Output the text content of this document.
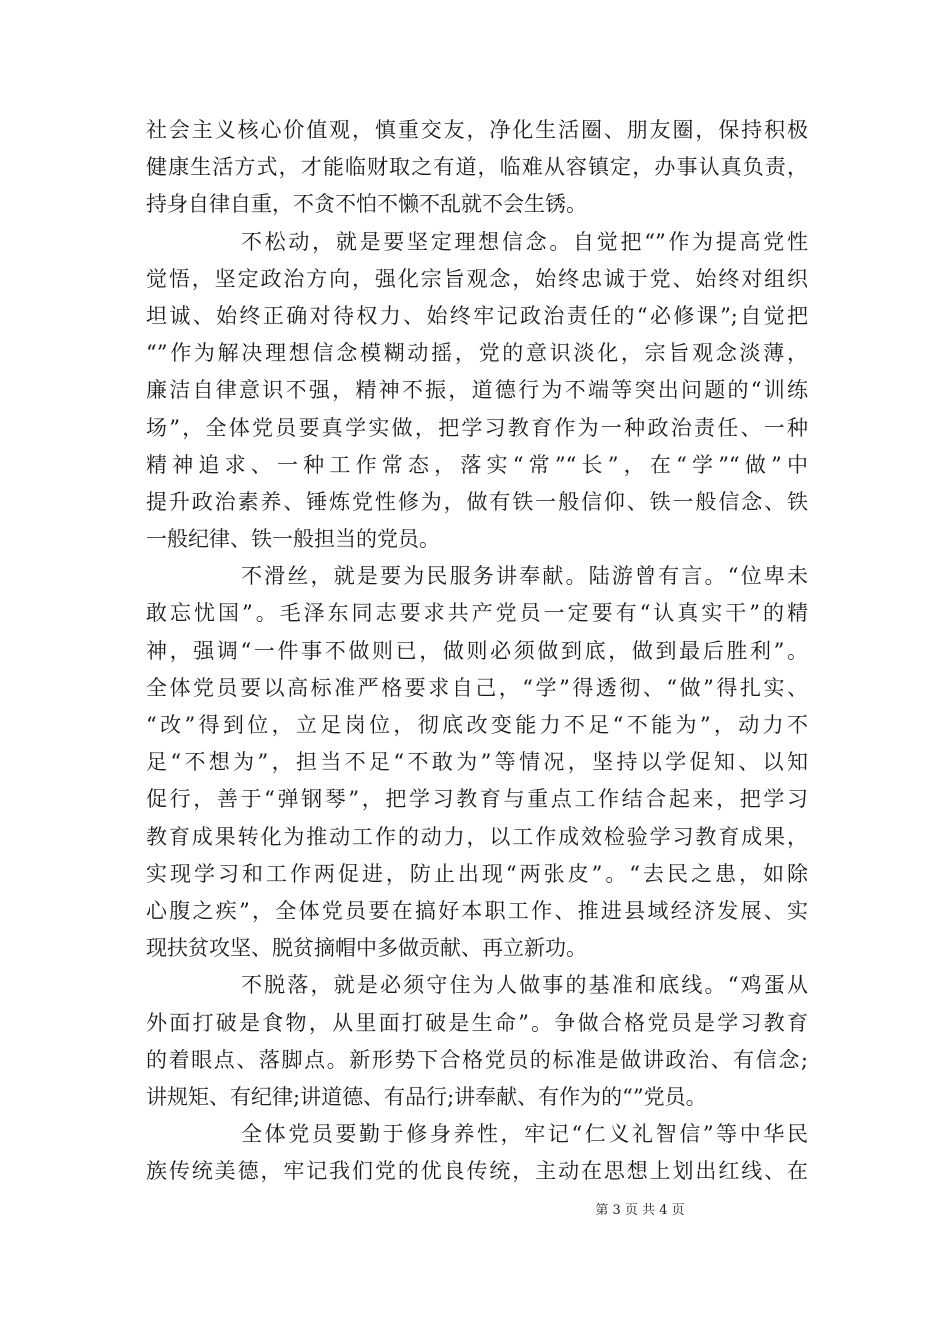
社会主义核心价值观，慎重交友，净化生活圈、朋友圈，保持积极
健康生活方式，才能临财取之有道，临难从容镇定，办事认真负责，
持身自律自重，不贪不怕不懒不乱就不会生锈。
不松动，就是要坚定理想信念。自觉把“”作为提高党性
觉悟，坚定政治方向，强化宗旨观念，始终忠诚于党、始终对组织
坦诚、始终正确对待权力、始终牢记政治责任的“必修课”;自觉把
“”作为解决理想信念模糊动摇，党的意识淡化，宗旨观念淡薄，
廉洁自律意识不强，精神不振，道德行为不端等突出问题的“训练
场”，全体党员要真学实做，把学习教育作为一种政治责任、一种
精神追求、一种工作常态，落实“常”“长”，在“学”“做”中
提升政治素养、锤炼党性修为，做有铁一般信仰、铁一般信念、铁
一般纪律、铁一般担当的党员。
不滑丝，就是要为民服务讲奉献。陆游曾有言。“位卑未
敢忘忧国”。毛泽东同志要求共产党员一定要有“认真实干”的精
神，强调“一件事不做则已，做则必须做到底，做到最后胜利”。
全体党员要以高标准严格要求自己，“学”得透彻、“做”得扎实、
“改”得到位，立足岗位，彻底改变能力不足“不能为”，动力不
足“不想为”，担当不足“不敢为”等情况，坚持以学促知、以知
促行，善于“弹钢琴”，把学习教育与重点工作结合起来，把学习
教育成果转化为推动工作的动力，以工作成效检验学习教育成果，
实现学习和工作两促进，防止出现“两张皮”。“去民之患，如除
心腹之疾”，全体党员要在搞好本职工作、推进县域经济发展、实
现扶贫攻坚、脱贫摘帽中多做贡献、再立新功。
不脱落，就是必须守住为人做事的基准和底线。“鸡蛋从
外面打破是食物，从里面打破是生命”。争做合格党员是学习教育
的着眼点、落脚点。新形势下合格党员的标准是做讲政治、有信念;
讲规矩、有纪律;讲道德、有品行;讲奉献、有作为的“”党员。
全体党员要勤于修身养性，牢记“仁义礼智信”等中华民
族传统美德，牢记我们党的优良传统，主动在思想上划出红线、在
第 3 页 共 4 页
